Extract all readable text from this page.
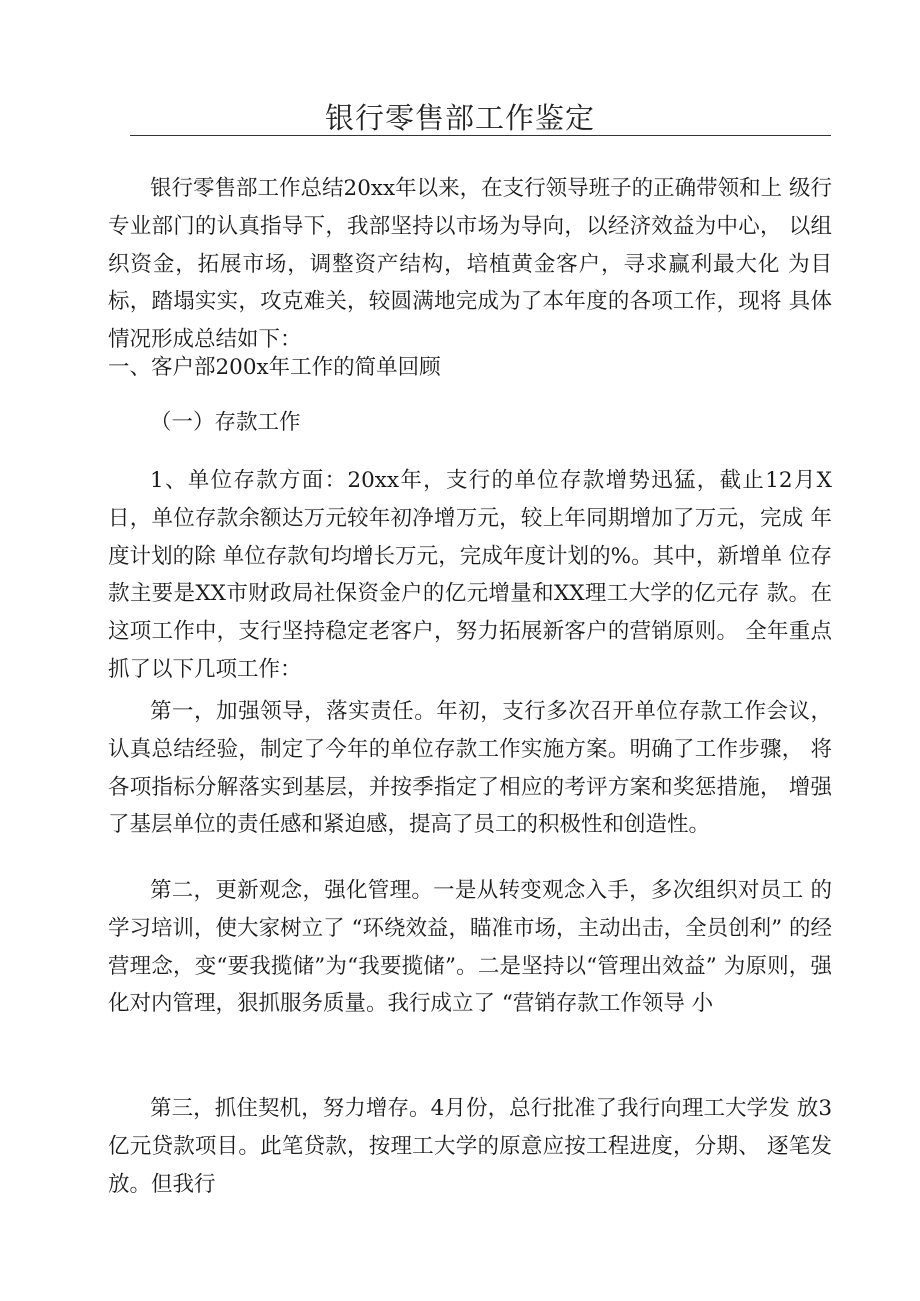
银行零售部工作鉴定

银行零售部工作总结20xx年以来，在支行领导班子的正确带领和上 级行专业部门的认真指导下，我部坚持以市场为导向，以经济效益为中心， 以组织资金，拓展市场，调整资产结构，培植黄金客户，寻求赢利最大化 为目标，踏塌实实，攻克难关，较圆满地完成为了本年度的各项工作，现将 具体情况形成总结如下：

一、客户部200x年工作的简单回顾

（一）存款工作

1、单位存款方面：20xx年，支行的单位存款增势迅猛，截止12月X 日，单位存款余额达万元较年初净增万元，较上年同期增加了万元，完成 年度计划的除 单位存款旬均增长万元，完成年度计划的%。其中，新增单 位存款主要是XX市财政局社保资金户的亿元增量和XX理工大学的亿元存 款。在这项工作中，支行坚持稳定老客户，努力拓展新客户的营销原则。 全年重点抓了以下几项工作：

第一，加强领导，落实责任。年初，支行多次召开单位存款工作会议， 认真总结经验，制定了今年的单位存款工作实施方案。明确了工作步骤， 将各项指标分解落实到基层，并按季指定了相应的考评方案和奖惩措施， 增强了基层单位的责任感和紧迫感，提高了员工的积极性和创造性。

第二，更新观念，强化管理。一是从转变观念入手，多次组织对员工 的学习培训，使大家树立了 “环绕效益，瞄准市场，主动出击，全员创利” 的经营理念，变“要我揽储”为“我要揽储”。二是坚持以“管理出效益” 为原则，强化对内管理，狠抓服务质量。我行成立了 “营销存款工作领导 小

第三，抓住契机，努力增存。4月份，总行批准了我行向理工大学发 放3亿元贷款项目。此笔贷款，按理工大学的原意应按工程进度，分期、 逐笔发放。但我行
